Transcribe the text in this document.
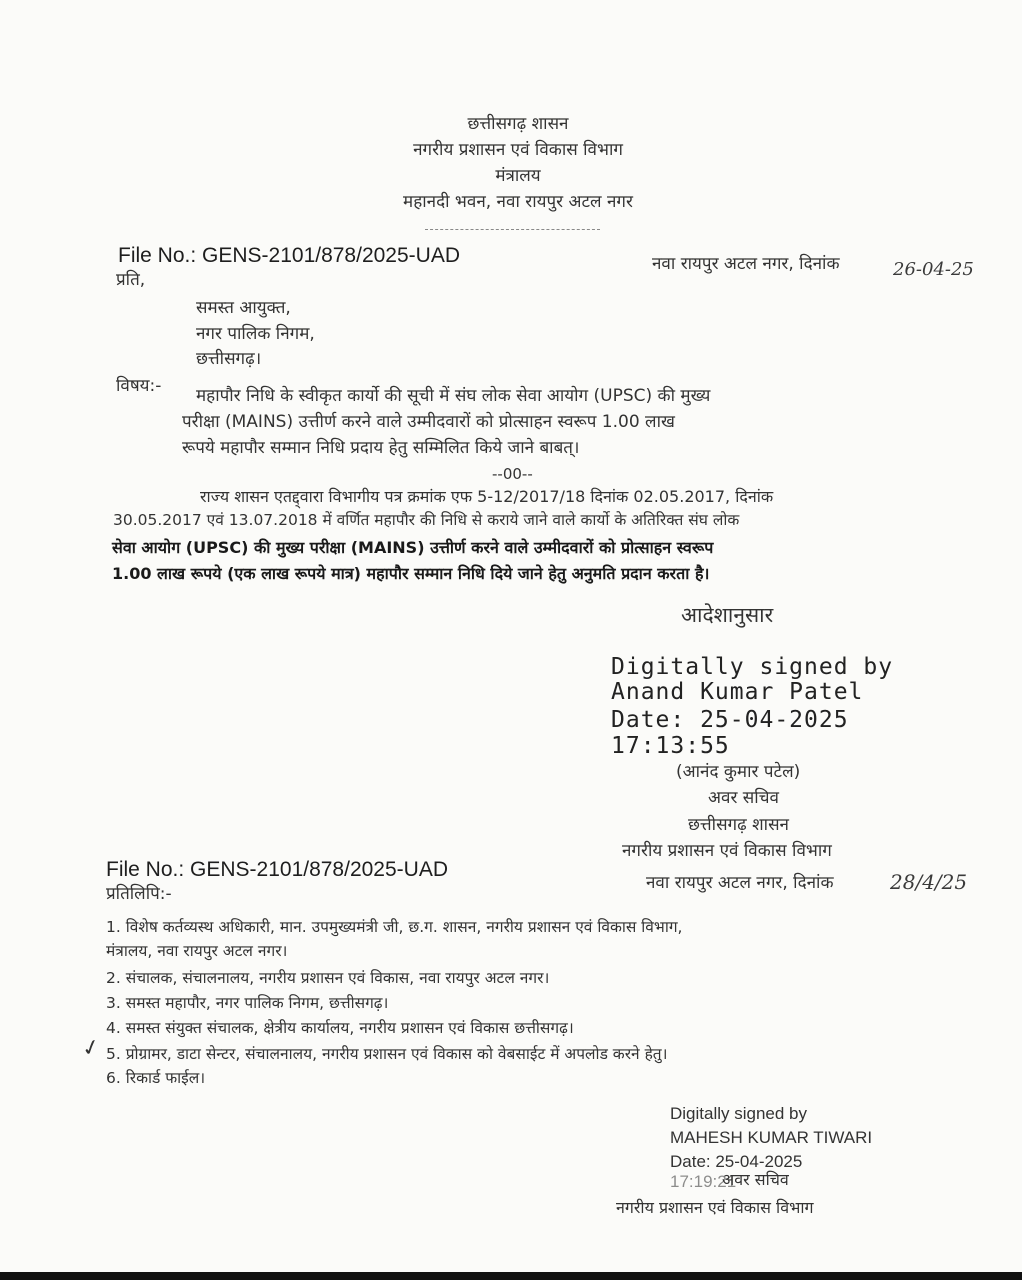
छत्तीसगढ़ शासन
नगरीय प्रशासन एवं विकास विभाग
मंत्रालय
महानदी भवन, नवा रायपुर अटल नगर
File No.: GENS-2101/878/2025-UAD	नवा रायपुर अटल नगर, दिनांक	26-04-25
प्रति,
समस्त आयुक्त,
नगर पालिक निगम,
छत्तीसगढ़।
विषय:- महापौर निधि के स्वीकृत कार्यो की सूची में संघ लोक सेवा आयोग (UPSC) की मुख्य
परीक्षा (MAINS) उत्तीर्ण करने वाले उम्मीदवारों को प्रोत्साहन स्वरूप 1.00 लाख
रूपये महापौर सम्मान निधि प्रदाय हेतु सम्मिलित किये जाने बाबत्।
--00--
राज्य शासन एतद्द्वारा विभागीय पत्र क्रमांक एफ 5-12/2017/18 दिनांक 02.05.2017, दिनांक
30.05.2017 एवं 13.07.2018 में वर्णित महापौर की निधि से कराये जाने वाले कार्यो के अतिरिक्त संघ लोक
सेवा आयोग (UPSC) की मुख्य परीक्षा (MAINS) उत्तीर्ण करने वाले उम्मीदवारों को प्रोत्साहन स्वरूप
1.00 लाख रूपये (एक लाख रूपये मात्र) महापौर सम्मान निधि दिये जाने हेतु अनुमति प्रदान करता है।
आदेशानुसार
Digitally signed by
Anand Kumar Patel
Date: 25-04-2025
17:13:55
(आनंद कुमार पटेल)
अवर सचिव
छत्तीसगढ़ शासन
नगरीय प्रशासन एवं विकास विभाग
File No.: GENS-2101/878/2025-UAD
नवा रायपुर अटल नगर, दिनांक	28/4/25
प्रतिलिपि:-
1. विशेष कर्तव्यस्थ अधिकारी, मान. उपमुख्यमंत्री जी, छ.ग. शासन, नगरीय प्रशासन एवं विकास विभाग,
मंत्रालय, नवा रायपुर अटल नगर।
2. संचालक, संचालनालय, नगरीय प्रशासन एवं विकास, नवा रायपुर अटल नगर।
3. समस्त महापौर, नगर पालिक निगम, छत्तीसगढ़।
4. समस्त संयुक्त संचालक, क्षेत्रीय कार्यालय, नगरीय प्रशासन एवं विकास छत्तीसगढ़।
✓ 5. प्रोग्रामर, डाटा सेन्टर, संचालनालय, नगरीय प्रशासन एवं विकास को वेबसाईट में अपलोड करने हेतु।
6. रिकार्ड फाईल।
Digitally signed by
MAHESH KUMAR TIWARI
Date: 25-04-2025
17:19:21
अवर सचिव
नगरीय प्रशासन एवं विकास विभाग
